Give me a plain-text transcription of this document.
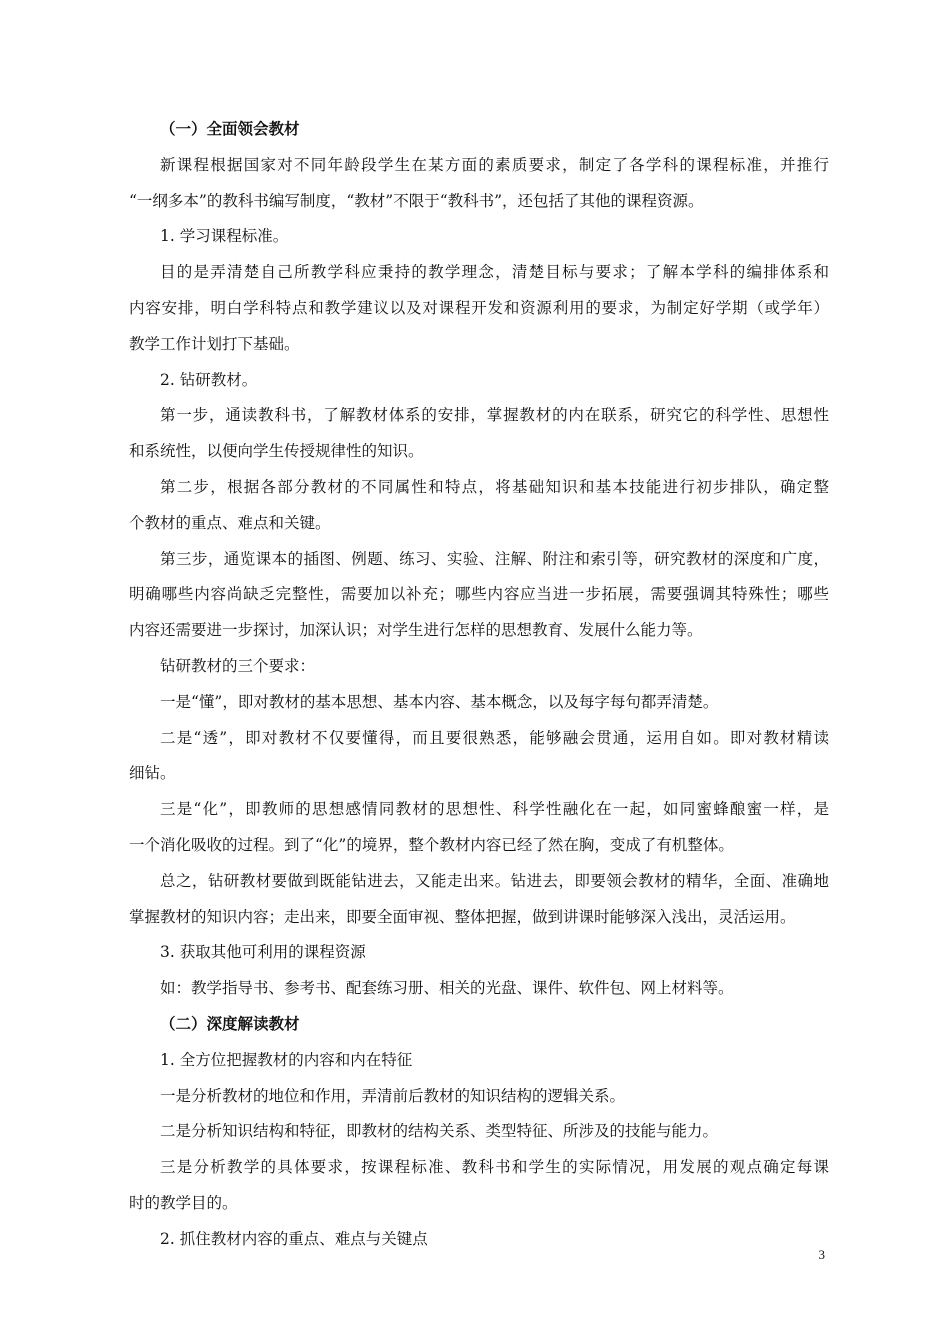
（一）全面领会教材
新课程根据国家对不同年龄段学生在某方面的素质要求，制定了各学科的课程标准，并推行
“一纲多本”的教科书编写制度，“教材”不限于“教科书”，还包括了其他的课程资源。
1. 学习课程标准。
目的是弄清楚自己所教学科应秉持的教学理念，清楚目标与要求；了解本学科的编排体系和
内容安排，明白学科特点和教学建议以及对课程开发和资源利用的要求，为制定好学期（或学年）
教学工作计划打下基础。
2. 钻研教材。
第一步，通读教科书，了解教材体系的安排，掌握教材的内在联系，研究它的科学性、思想性
和系统性，以便向学生传授规律性的知识。
第二步，根据各部分教材的不同属性和特点，将基础知识和基本技能进行初步排队，确定整
个教材的重点、难点和关键。
第三步，通览课本的插图、例题、练习、实验、注解、附注和索引等，研究教材的深度和广度，
明确哪些内容尚缺乏完整性，需要加以补充；哪些内容应当进一步拓展，需要强调其特殊性；哪些
内容还需要进一步探讨，加深认识；对学生进行怎样的思想教育、发展什么能力等。
钻研教材的三个要求：
一是“懂”，即对教材的基本思想、基本内容、基本概念，以及每字每句都弄清楚。
二是“透”，即对教材不仅要懂得，而且要很熟悉，能够融会贯通，运用自如。即对教材精读
细钻。
三是“化”，即教师的思想感情同教材的思想性、科学性融化在一起，如同蜜蜂酿蜜一样，是
一个消化吸收的过程。到了“化”的境界，整个教材内容已经了然在胸，变成了有机整体。
总之，钻研教材要做到既能钻进去，又能走出来。钻进去，即要领会教材的精华，全面、准确地
掌握教材的知识内容；走出来，即要全面审视、整体把握，做到讲课时能够深入浅出，灵活运用。
3. 获取其他可利用的课程资源
如：教学指导书、参考书、配套练习册、相关的光盘、课件、软件包、网上材料等。
（二）深度解读教材
1. 全方位把握教材的内容和内在特征
一是分析教材的地位和作用，弄清前后教材的知识结构的逻辑关系。
二是分析知识结构和特征，即教材的结构关系、类型特征、所涉及的技能与能力。
三是分析教学的具体要求，按课程标准、教科书和学生的实际情况，用发展的观点确定每课
时的教学目的。
2. 抓住教材内容的重点、难点与关键点
3
